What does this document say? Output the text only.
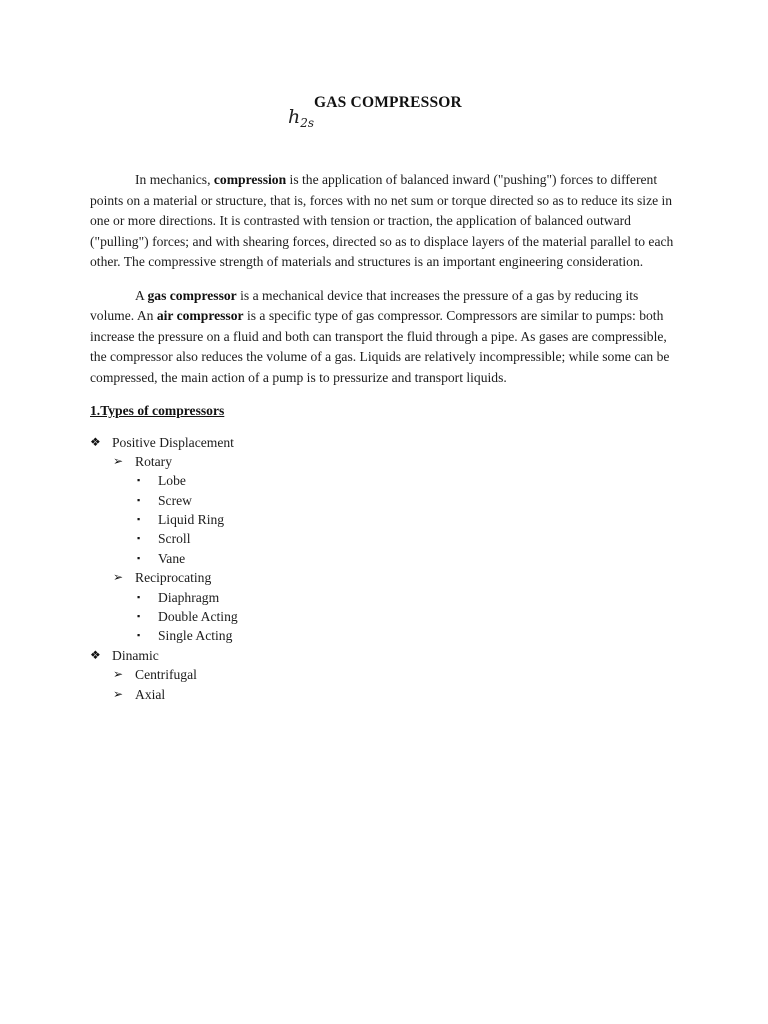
$h_{2s}$
GAS COMPRESSOR

In mechanics, compression is the application of balanced inward ("pushing") forces to different points on a material or structure, that is, forces with no net sum or torque directed so as to reduce its size in one or more directions. It is contrasted with tension or traction, the application of balanced outward ("pulling") forces; and with shearing forces, directed so as to displace layers of the material parallel to each other. The compressive strength of materials and structures is an important engineering consideration.

A gas compressor is a mechanical device that increases the pressure of a gas by reducing its volume. An air compressor is a specific type of gas compressor. Compressors are similar to pumps: both increase the pressure on a fluid and both can transport the fluid through a pipe. As gases are compressible, the compressor also reduces the volume of a gas. Liquids are relatively incompressible; while some can be compressed, the main action of a pump is to pressurize and transport liquids.

1.Types of compressors
❖ Positive Displacement
➢ Rotary
▪ Lobe
▪ Screw
▪ Liquid Ring
▪ Scroll
▪ Vane
➢ Reciprocating
▪ Diaphragm
▪ Double Acting
▪ Single Acting
❖ Dinamic
➢ Centrifugal
➢ Axial
